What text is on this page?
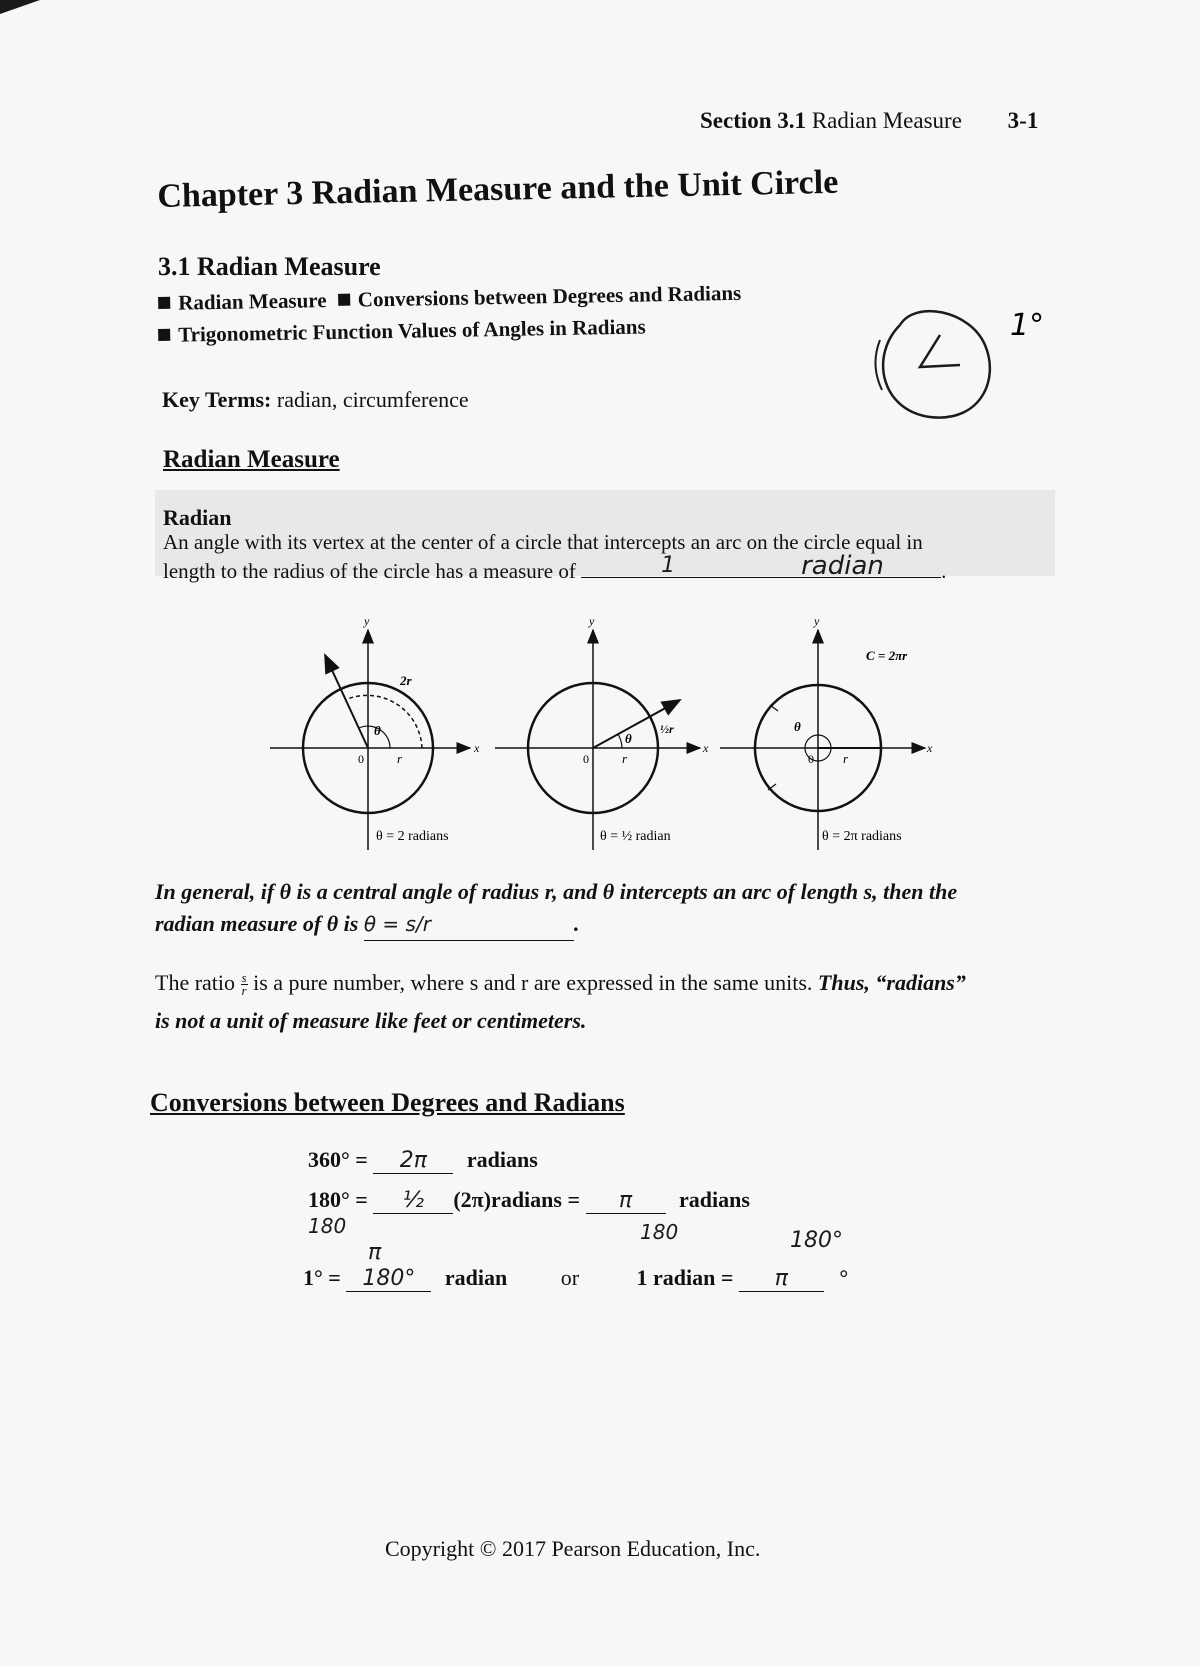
Section 3.1 Radian Measure 3-1
Chapter 3 Radian Measure and the Unit Circle
3.1 Radian Measure
Radian Measure Conversions between Degrees and Radians
Trigonometric Function Values of Angles in Radians	1°
Key Terms: radian, circumference
Radian Measure
Radian
An angle with its vertex at the center of a circle that intercepts an arc on the circle equal in
length to the radius of the circle has a measure of	1	radian	.
θ
2r
r
0
x
y
θ = 2 radians
θ
½r
r
0
x
y
θ = ½ radian
θ
C = 2πr
r
0
x
y
θ = 2π radians
In general, if θ is a central angle of radius r, and θ intercepts an arc of length s, then the
radian measure of θ is θ = s/r	.
The ratio $\frac{s}{r}$ is a pure number, where s and r are expressed in the same units. Thus, “radians”
is not a unit of measure like feet or centimeters.
Conversions between Degrees and Radians
360° = 2π radians
180° = ½ (2π)radians = π radians
180	180
π	180°
1° = 180° radian or	1 radian = π °
Copyright © 2017 Pearson Education, Inc.
